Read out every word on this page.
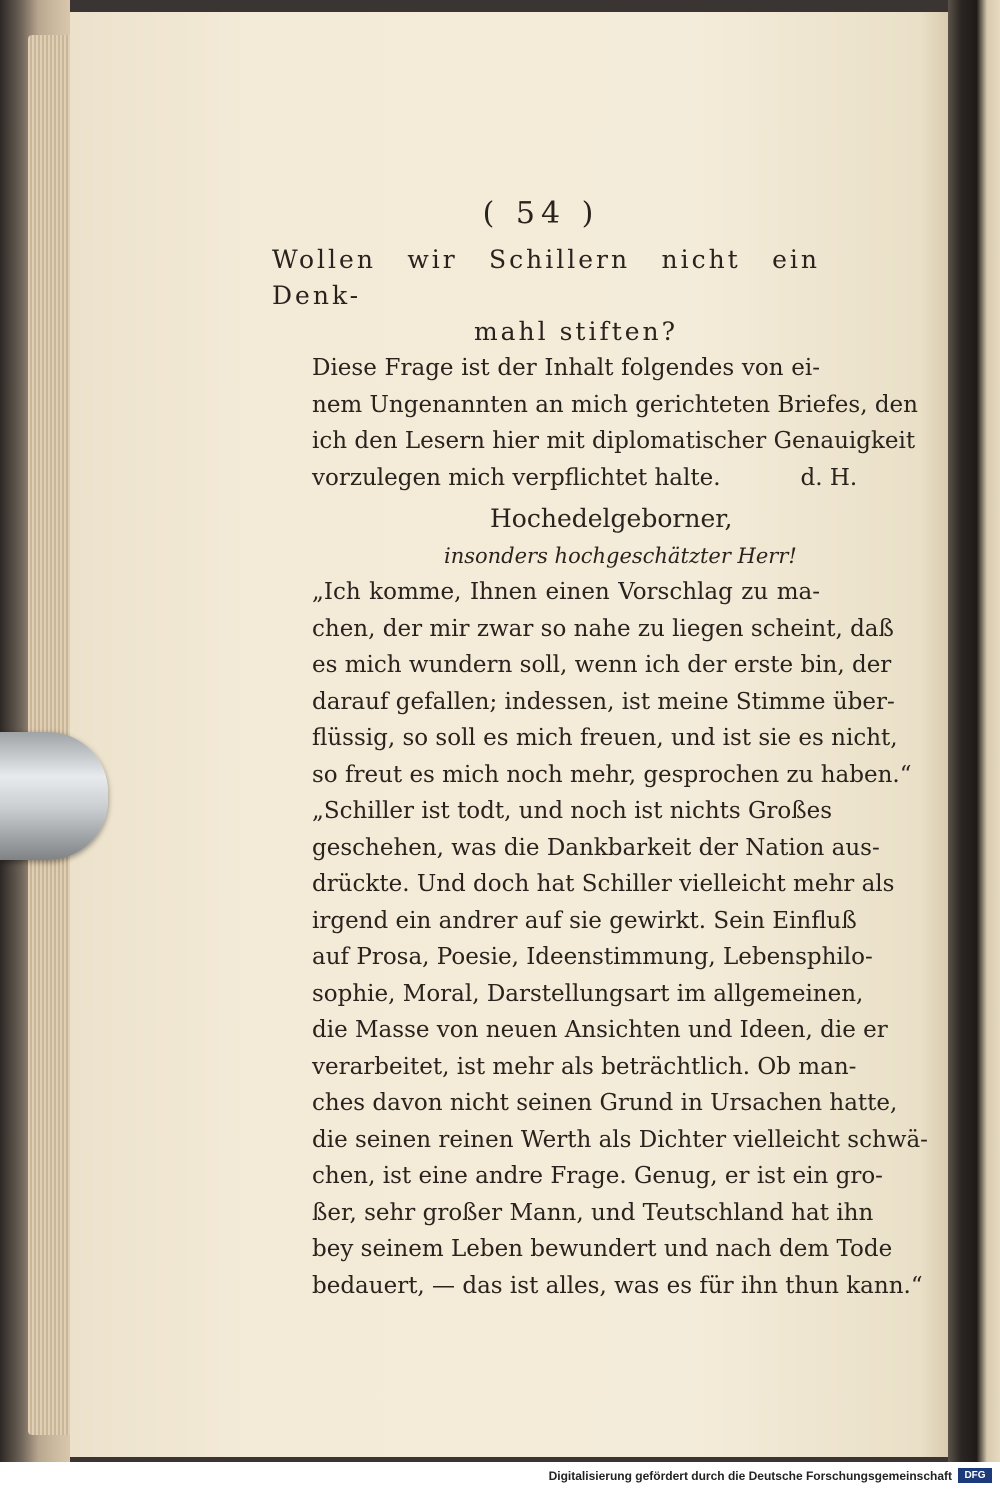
( 54 )
Wollen wir Schillern nicht ein Denk-
mahl stiften?
Diese Frage ist der Inhalt folgendes von ei-
nem Ungenannten an mich gerichteten Briefes, den
ich den Lesern hier mit diplomatischer Genauigkeit
vorzulegen mich verpflichtet halte.	d. H.
Hochedelgeborner,
insonders hochgeschätzter Herr!
„Ich komme, Ihnen einen Vorschlag zu ma-
chen, der mir zwar so nahe zu liegen scheint, daß
es mich wundern soll, wenn ich der erste bin, der
darauf gefallen; indessen, ist meine Stimme über-
flüssig, so soll es mich freuen, und ist sie es nicht,
so freut es mich noch mehr, gesprochen zu haben.“
„Schiller ist todt, und noch ist nichts Großes
geschehen, was die Dankbarkeit der Nation aus-
drückte. Und doch hat Schiller vielleicht mehr als
irgend ein andrer auf sie gewirkt. Sein Einfluß
auf Prosa, Poesie, Ideenstimmung, Lebensphilo-
sophie, Moral, Darstellungsart im allgemeinen,
die Masse von neuen Ansichten und Ideen, die er
verarbeitet, ist mehr als beträchtlich. Ob man-
ches davon nicht seinen Grund in Ursachen hatte,
die seinen reinen Werth als Dichter vielleicht schwä-
chen, ist eine andre Frage. Genug, er ist ein gro-
ßer, sehr großer Mann, und Teutschland hat ihn
bey seinem Leben bewundert und nach dem Tode
bedauert, — das ist alles, was es für ihn thun kann.“
Digitalisierung gefördert durch die Deutsche Forschungsgemeinschaft	DFG
